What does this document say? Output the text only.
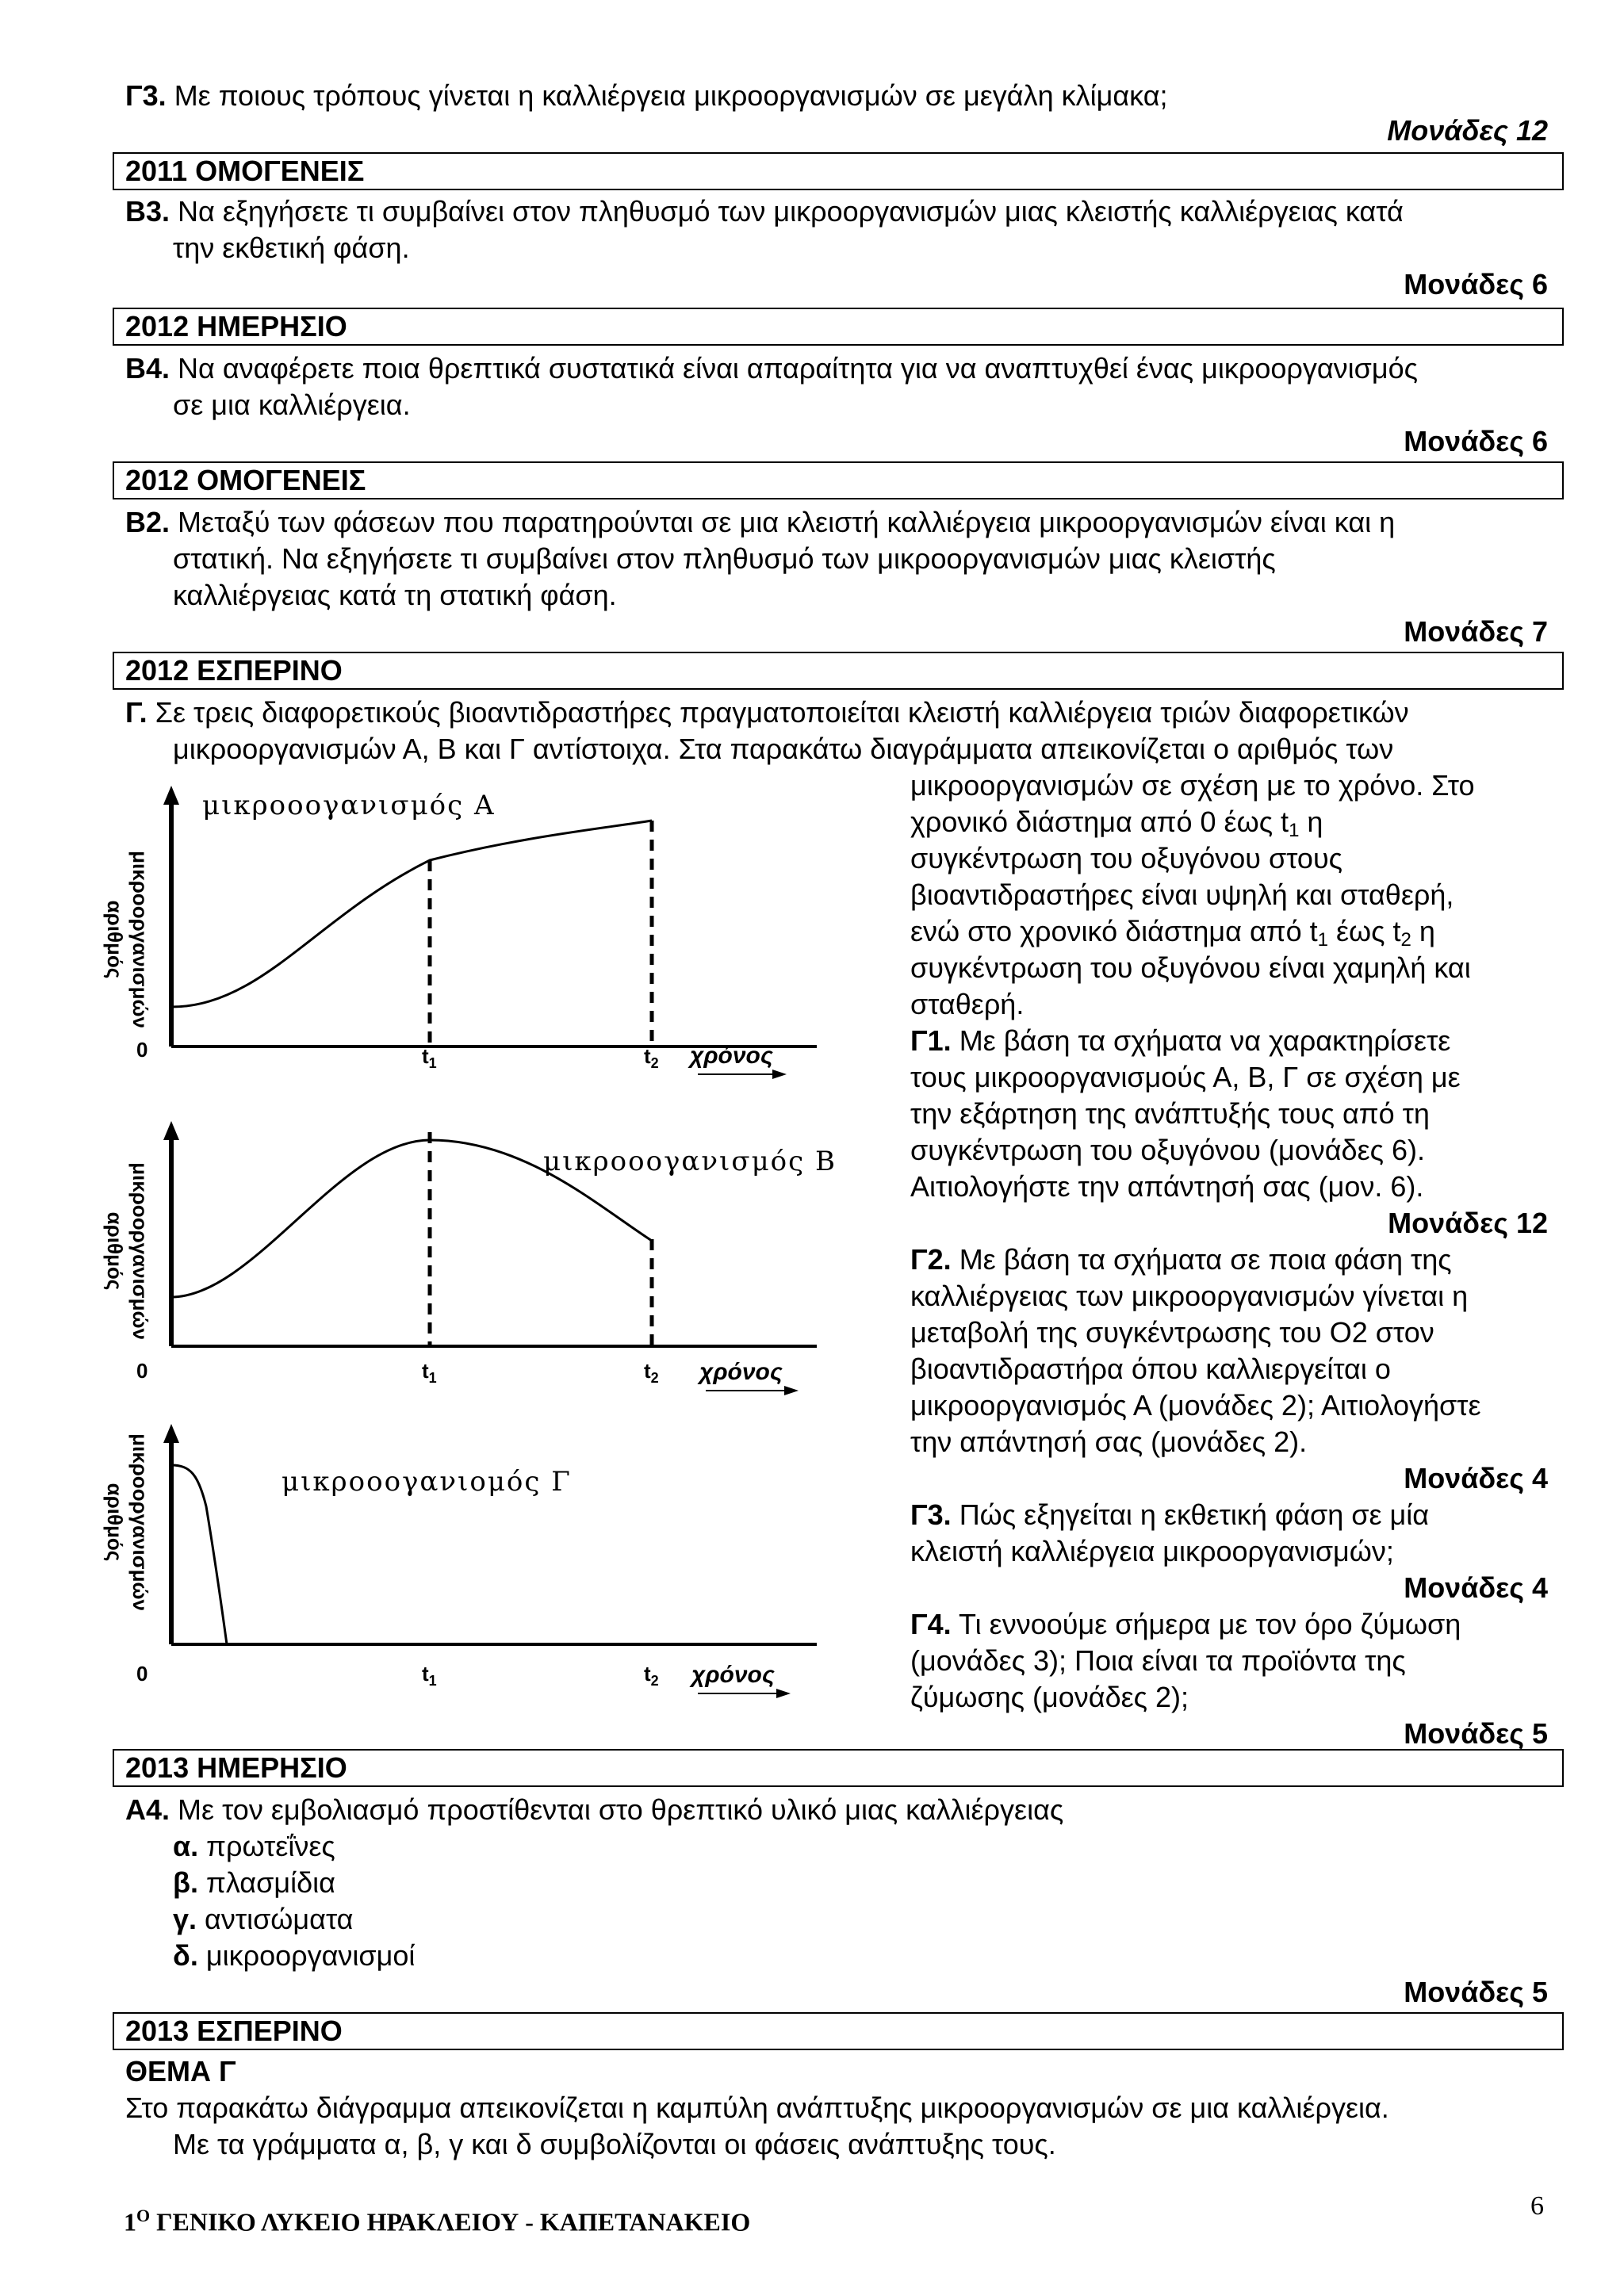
Γ3. Με ποιους τρόπους γίνεται η καλλιέργεια μικροοργανισμών σε μεγάλη κλίμακα;
Μονάδες 12
2011 ΟΜΟΓΕΝΕΙΣ
Β3. Να εξηγήσετε τι συμβαίνει στον πληθυσμό των μικροοργανισμών μιας κλειστής καλλιέργειας κατά
την εκθετική φάση.
Μονάδες 6
2012 ΗΜΕΡΗΣΙΟ
Β4. Να αναφέρετε ποια θρεπτικά συστατικά είναι απαραίτητα για να αναπτυχθεί ένας μικροοργανισμός
σε μια καλλιέργεια.
Μονάδες 6
2012 ΟΜΟΓΕΝΕΙΣ
Β2. Μεταξύ των φάσεων που παρατηρούνται σε μια κλειστή καλλιέργεια μικροοργανισμών είναι και η
στατική. Να εξηγήσετε τι συμβαίνει στον πληθυσμό των μικροοργανισμών μιας κλειστής
καλλιέργειας κατά τη στατική φάση.
Μονάδες 7
2012 ΕΣΠΕΡΙΝΟ
Γ. Σε τρεις διαφορετικούς βιοαντιδραστήρες πραγματοποιείται κλειστή καλλιέργεια τριών διαφορετικών
μικροοργανισμών Α, Β και Γ αντίστοιχα. Στα παρακάτω διαγράμματα απεικονίζεται ο αριθμός των
μικροοργανισμών σε σχέση με το χρόνο. Στο
χρονικό διάστημα από 0 έως $t_1$ η
συγκέντρωση του οξυγόνου στους
βιοαντιδραστήρες είναι υψηλή και σταθερή,
ενώ στο χρονικό διάστημα από $t_1$ έως $t_2$ η
συγκέντρωση του οξυγόνου είναι χαμηλή και
σταθερή.
Γ1. Με βάση τα σχήματα να χαρακτηρίσετε
τους μικροοργανισμούς Α, Β, Γ σε σχέση με
την εξάρτηση της ανάπτυξής τους από τη
συγκέντρωση του οξυγόνου (μονάδες 6).
Αιτιολογήστε την απάντησή σας (μον. 6).
Μονάδες 12
Γ2. Με βάση τα σχήματα σε ποια φάση της
καλλιέργειας των μικροοργανισμών γίνεται η
μεταβολή της συγκέντρωσης του Ο2 στον
βιοαντιδραστήρα όπου καλλιεργείται ο
μικροοργανισμός Α (μονάδες 2); Αιτιολογήστε
την απάντησή σας (μονάδες 2).
Μονάδες 4
Γ3. Πώς εξηγείται η εκθετική φάση σε μία
κλειστή καλλιέργεια μικροοργανισμών;
Μονάδες 4
Γ4. Τι εννοούμε σήμερα με τον όρο ζύμωση
(μονάδες 3); Ποια είναι τα προϊόντα της
ζύμωσης (μονάδες 2);
Μονάδες 5
αριθμός μικροοργανισμών
μικροοογανισμός Α
0	$t_1$	$t_2$ χρόνος
αριθμός μικροοργανισμών
μικροοογανισμός Β
0	$t_1$	$t_2$ χρόνος
αριθμός μικροοργανισμών	μικροοογανιομός Γ
0	$t_1$	$t_2$ χρόνος
2013 ΗΜΕΡΗΣΙΟ
Α4. Με τον εμβολιασμό προστίθενται στο θρεπτικό υλικό μιας καλλιέργειας
α. πρωτεΐνες
β. πλασμίδια
γ. αντισώματα
δ. μικροοργανισμοί
Μονάδες 5
2013 ΕΣΠΕΡΙΝΟ
ΘΕΜΑ Γ
Στο παρακάτω διάγραμμα απεικονίζεται η καμπύλη ανάπτυξης μικροοργανισμών σε μια καλλιέργεια.
Με τα γράμματα α, β, γ και δ συμβολίζονται οι φάσεις ανάπτυξης τους.
$1^O$ ΓΕΝΙΚΟ ΛΥΚΕΙΟ ΗΡΑΚΛΕΙΟΥ - ΚΑΠΕΤΑΝΑΚΕΙΟ
6
